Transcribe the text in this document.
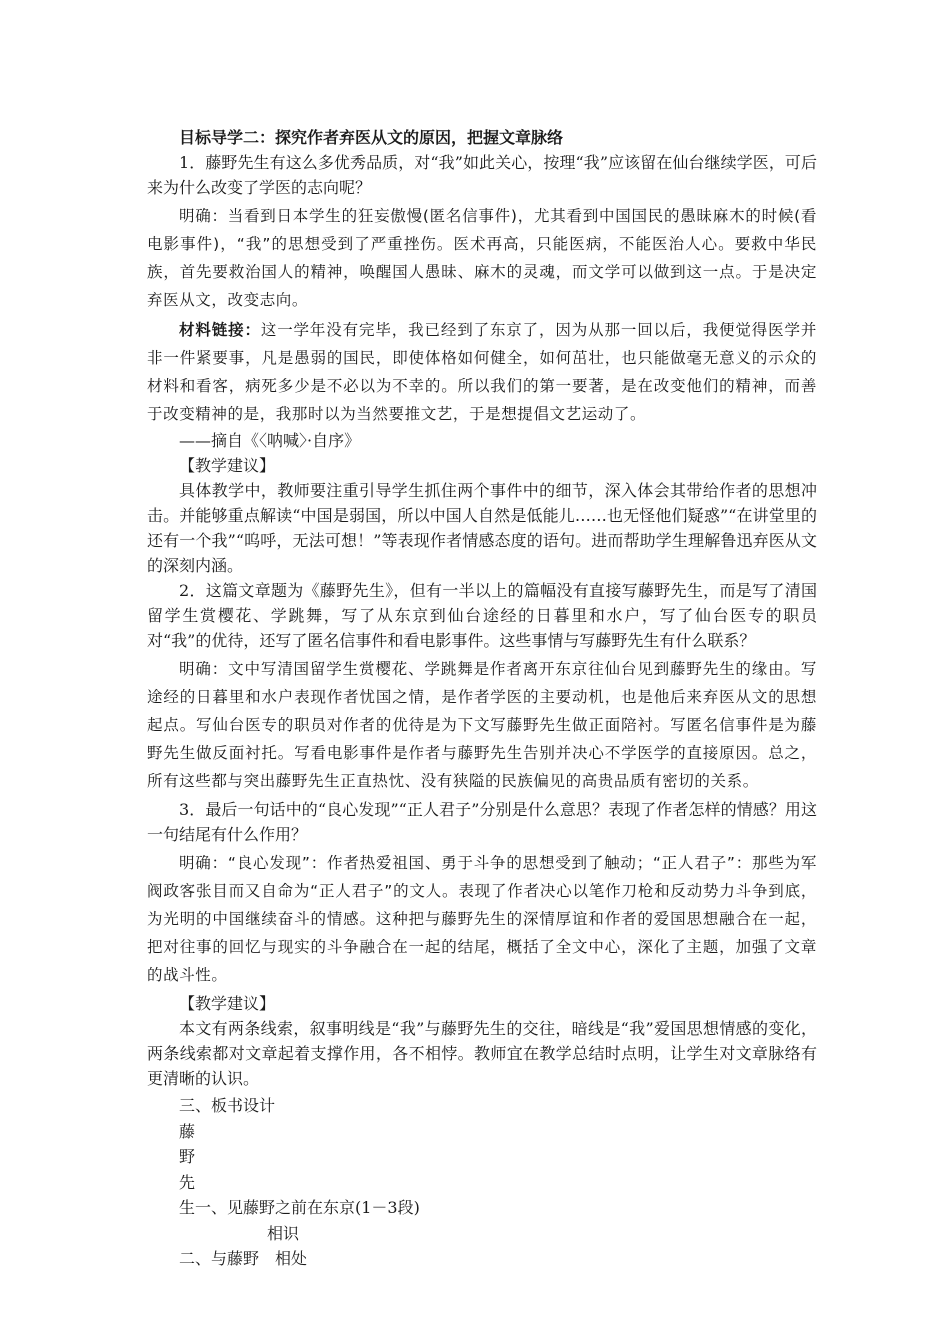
目标导学二：探究作者弃医从文的原因，把握文章脉络

1．藤野先生有这么多优秀品质，对“我”如此关心，按理“我”应该留在仙台继续学医，可后来为什么改变了学医的志向呢？

明确：当看到日本学生的狂妄傲慢(匿名信事件)，尤其看到中国国民的愚昧麻木的时候(看电影事件)，“我”的思想受到了严重挫伤。医术再高，只能医病，不能医治人心。要救中华民族，首先要救治国人的精神，唤醒国人愚昧、麻木的灵魂，而文学可以做到这一点。于是决定弃医从文，改变志向。

材料链接：这一学年没有完毕，我已经到了东京了，因为从那一回以后，我便觉得医学并非一件紧要事，凡是愚弱的国民，即使体格如何健全，如何茁壮，也只能做毫无意义的示众的材料和看客，病死多少是不必以为不幸的。所以我们的第一要著，是在改变他们的精神，而善于改变精神的是，我那时以为当然要推文艺，于是想提倡文艺运动了。

——摘自《〈呐喊〉·自序》

【教学建议】

具体教学中，教师要注重引导学生抓住两个事件中的细节，深入体会其带给作者的思想冲击。并能够重点解读“中国是弱国，所以中国人自然是低能儿……也无怪他们疑惑”“在讲堂里的还有一个我”“呜呼，无法可想！”等表现作者情感态度的语句。进而帮助学生理解鲁迅弃医从文的深刻内涵。

2．这篇文章题为《藤野先生》，但有一半以上的篇幅没有直接写藤野先生，而是写了清国留学生赏樱花、学跳舞，写了从东京到仙台途经的日暮里和水户，写了仙台医专的职员对“我”的优待，还写了匿名信事件和看电影事件。这些事情与写藤野先生有什么联系？

明确：文中写清国留学生赏樱花、学跳舞是作者离开东京往仙台见到藤野先生的缘由。写途经的日暮里和水户表现作者忧国之情，是作者学医的主要动机，也是他后来弃医从文的思想起点。写仙台医专的职员对作者的优待是为下文写藤野先生做正面陪衬。写匿名信事件是为藤野先生做反面衬托。写看电影事件是作者与藤野先生告别并决心不学医学的直接原因。总之，所有这些都与突出藤野先生正直热忱、没有狭隘的民族偏见的高贵品质有密切的关系。

3．最后一句话中的“良心发现”“正人君子”分别是什么意思？表现了作者怎样的情感？用这一句结尾有什么作用？

明确：“良心发现”：作者热爱祖国、勇于斗争的思想受到了触动；“正人君子”：那些为军阀政客张目而又自命为“正人君子”的文人。表现了作者决心以笔作刀枪和反动势力斗争到底，为光明的中国继续奋斗的情感。这种把与藤野先生的深情厚谊和作者的爱国思想融合在一起，把对往事的回忆与现实的斗争融合在一起的结尾，概括了全文中心，深化了主题，加强了文章的战斗性。

【教学建议】

本文有两条线索，叙事明线是“我”与藤野先生的交往，暗线是“我”爱国思想情感的变化，两条线索都对文章起着支撑作用，各不相悖。教师宜在教学总结时点明，让学生对文章脉络有更清晰的认识。

三、板书设计

藤

野

先

生一、见藤野之前在东京(1－3段)

相识

二、与藤野　相处
